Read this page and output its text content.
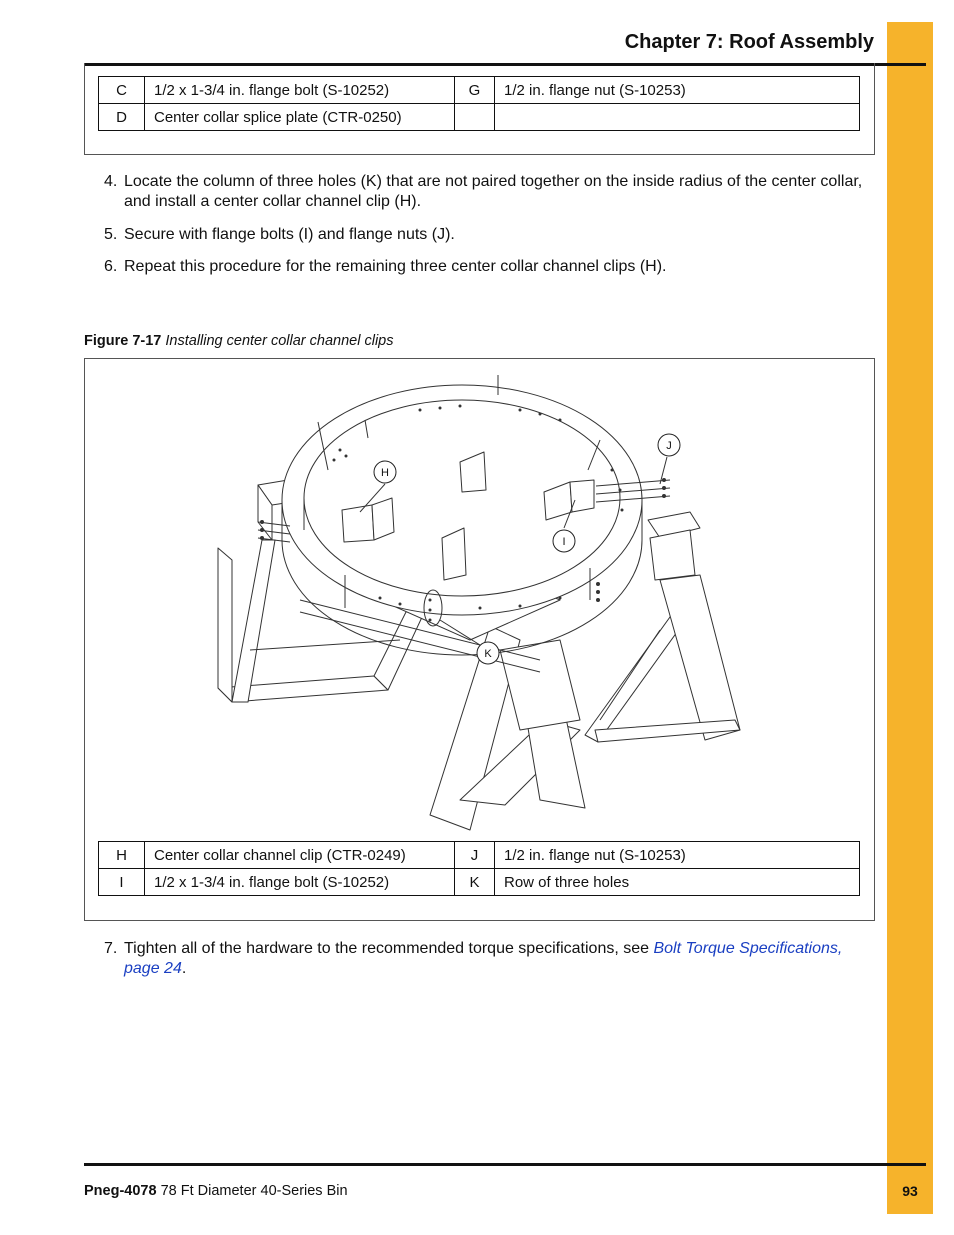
Chapter 7: Roof Assembly
C	1/2 x 1-3/4 in. flange bolt (S-10252)	G	1/2 in. flange nut (S-10253)
D	Center collar splice plate (CTR-0250)		
4. Locate the column of three holes (K) that are not paired together on the inside radius of the center collar, and install a center collar channel clip (H).
5. Secure with flange bolts (I) and flange nuts (J).
6. Repeat this procedure for the remaining three center collar channel clips (H).
Figure 7-17 Installing center collar channel clips
H
I
J
K
H	Center collar channel clip (CTR-0249)	J	1/2 in. flange nut (S-10253)
I	1/2 x 1-3/4 in. flange bolt (S-10252)	K	Row of three holes
7. Tighten all of the hardware to the recommended torque specifications, see Bolt Torque Specifications, page 24.
Pneg-4078 78 Ft Diameter 40-Series Bin	93
